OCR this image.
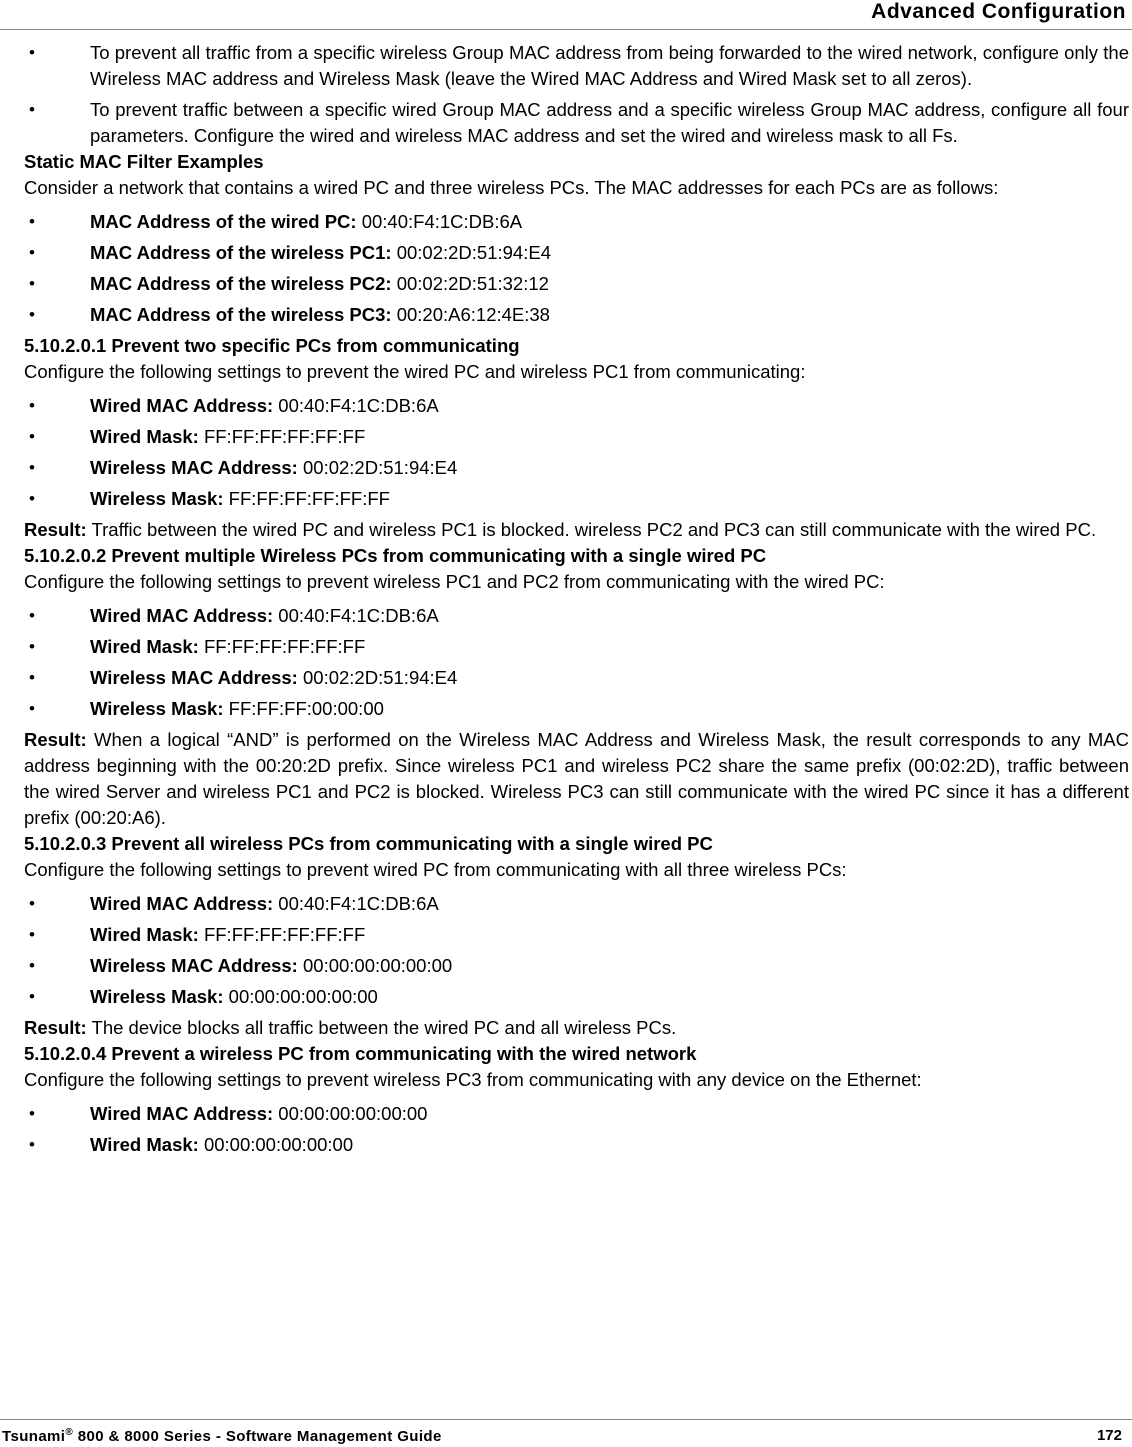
Advanced Configuration
•	To prevent all traffic from a specific wireless Group MAC address from being forwarded to the wired network, configure only the Wireless MAC address and Wireless Mask (leave the Wired MAC Address and Wired Mask set to all zeros).
•	To prevent traffic between a specific wired Group MAC address and a specific wireless Group MAC address, configure all four parameters. Configure the wired and wireless MAC address and set the wired and wireless mask to all Fs.

Static MAC Filter Examples

Consider a network that contains a wired PC and three wireless PCs. The MAC addresses for each PCs are as follows:

•	MAC Address of the wired PC: 00:40:F4:1C:DB:6A
•	MAC Address of the wireless PC1: 00:02:2D:51:94:E4
•	MAC Address of the wireless PC2: 00:02:2D:51:32:12
•	MAC Address of the wireless PC3: 00:20:A6:12:4E:38

5.10.2.0.1 Prevent two specific PCs from communicating

Configure the following settings to prevent the wired PC and wireless PC1 from communicating:

•	Wired MAC Address: 00:40:F4:1C:DB:6A
•	Wired Mask: FF:FF:FF:FF:FF:FF
•	Wireless MAC Address: 00:02:2D:51:94:E4
•	Wireless Mask: FF:FF:FF:FF:FF:FF

Result: Traffic between the wired PC and wireless PC1 is blocked. wireless PC2 and PC3 can still communicate with the wired PC.

5.10.2.0.2 Prevent multiple Wireless PCs from communicating with a single wired PC

Configure the following settings to prevent wireless PC1 and PC2 from communicating with the wired PC:

•	Wired MAC Address: 00:40:F4:1C:DB:6A
•	Wired Mask: FF:FF:FF:FF:FF:FF
•	Wireless MAC Address: 00:02:2D:51:94:E4
•	Wireless Mask: FF:FF:FF:00:00:00

Result: When a logical “AND” is performed on the Wireless MAC Address and Wireless Mask, the result corresponds to any MAC address beginning with the 00:20:2D prefix. Since wireless PC1 and wireless PC2 share the same prefix (00:02:2D), traffic between the wired Server and wireless PC1 and PC2 is blocked. Wireless PC3 can still communicate with the wired PC since it has a different prefix (00:20:A6).

5.10.2.0.3 Prevent all wireless PCs from communicating with a single wired PC

Configure the following settings to prevent wired PC from communicating with all three wireless PCs:

•	Wired MAC Address: 00:40:F4:1C:DB:6A
•	Wired Mask: FF:FF:FF:FF:FF:FF
•	Wireless MAC Address: 00:00:00:00:00:00
•	Wireless Mask: 00:00:00:00:00:00

Result: The device blocks all traffic between the wired PC and all wireless PCs.

5.10.2.0.4 Prevent a wireless PC from communicating with the wired network

Configure the following settings to prevent wireless PC3 from communicating with any device on the Ethernet:

•	Wired MAC Address: 00:00:00:00:00:00
•	Wired Mask: 00:00:00:00:00:00
Tsunami® 800 & 8000 Series - Software Management Guide	172
